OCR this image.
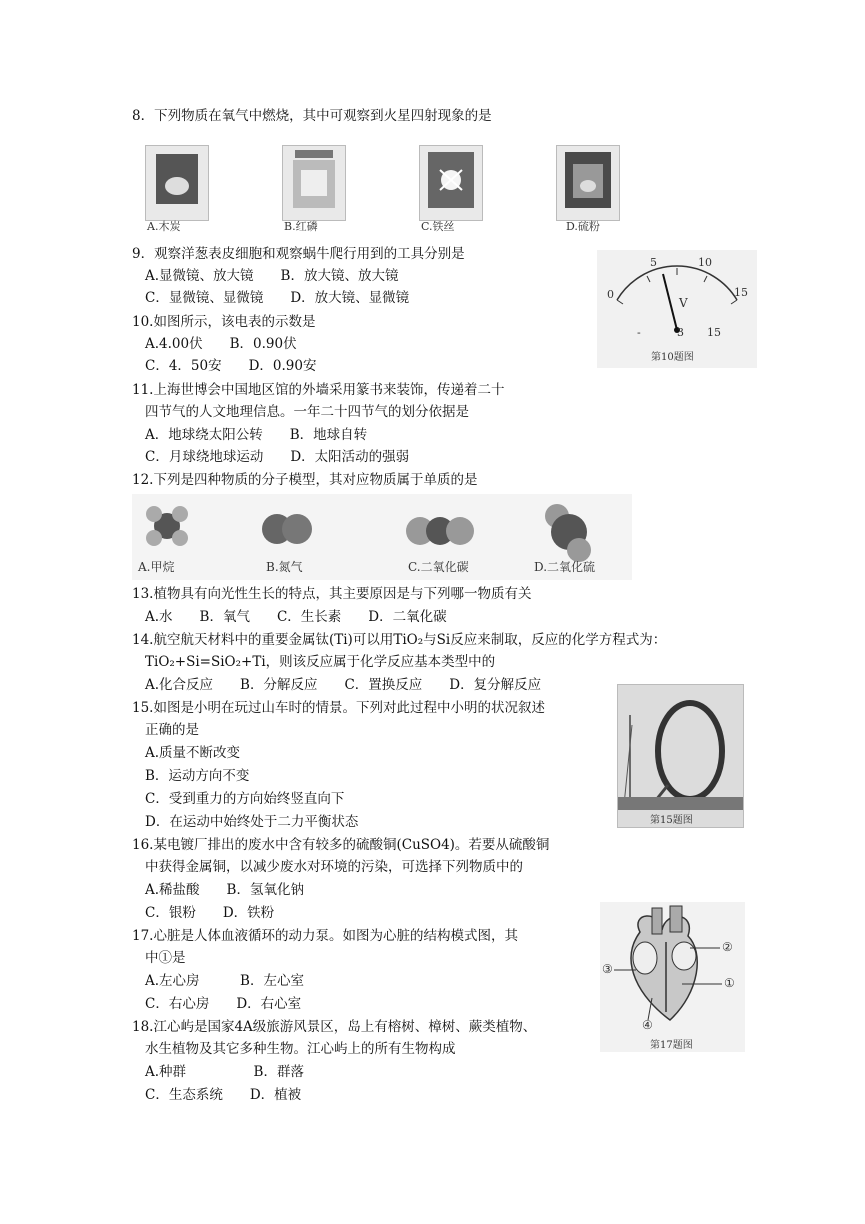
8．下列物质在氧气中燃烧，其中可观察到火星四射现象的是
A.木炭	B.红磷	C.铁丝	D.硫粉
9．观察洋葱表皮细胞和观察蜗牛爬行用到的工具分别是
A.显微镜、放大镜　　B．放大镜、放大镜
C．显微镜、显微镜　　D．放大镜、显微镜	0
5	10
15
V
-	3 15
第10题图
10.如图所示，该电表的示数是
A.4.00伏　　B．0.90伏
C．4．50安　　D．0.90安
11.上海世博会中国地区馆的外墙采用篆书来装饰，传递着二十
四节气的人文地理信息。一年二十四节气的划分依据是
A．地球绕太阳公转　　B．地球自转
C．月球绕地球运动　　D．太阳活动的强弱
12.下列是四种物质的分子模型，其对应物质属于单质的是
A.甲烷	B.氮气	C.二氧化碳	D.二氧化硫
13.植物具有向光性生长的特点，其主要原因是与下列哪一物质有关
A.水　　B．氧气　　C．生长素　　D．二氧化碳
14.航空航天材料中的重要金属钛(Ti)可以用TiO₂与Si反应来制取，反应的化学方程式为：
TiO₂+Si=SiO₂+Ti，则该反应属于化学反应基本类型中的
A.化合反应　　B．分解反应　　C．置换反应　　D．复分解反应
第15题图
15.如图是小明在玩过山车时的情景。下列对此过程中小明的状况叙述
正确的是
A.质量不断改变
B．运动方向不变
C．受到重力的方向始终竖直向下
D．在运动中始终处于二力平衡状态
16.某电镀厂排出的废水中含有较多的硫酸铜(CuSO4)。若要从硫酸铜
中获得金属铜，以减少废水对环境的污染，可选择下列物质中的
A.稀盐酸　　B．氢氧化钠
C．银粉　　D．铁粉
②
①
③
④
第17题图
17.心脏是人体血液循环的动力泵。如图为心脏的结构模式图，其
中①是
A.左心房　　　B．左心室
C．右心房　　D．右心室
18.江心屿是国家4A级旅游风景区，岛上有榕树、樟树、蕨类植物、
水生植物及其它多种生物。江心屿上的所有生物构成
A.种群　　　　　B．群落
C．生态系统　　D．植被
